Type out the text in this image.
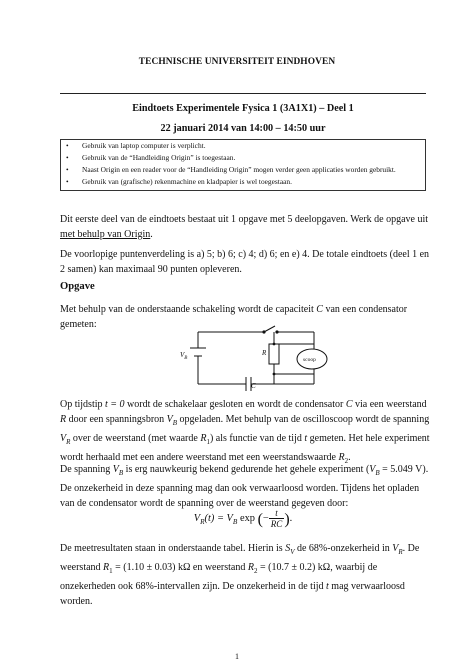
TECHNISCHE UNIVERSITEIT EINDHOVEN
Eindtoets Experimentele Fysica 1 (3A1X1) – Deel 1
22 januari 2014 van 14:00 – 14:50 uur
• Gebruik van laptop computer is verplicht.
• Gebruik van de “Handleiding Origin” is toegestaan.
• Naast Origin en een reader voor de “Handleiding Origin” mogen verder geen applicaties worden gebruikt.
• Gebruik van (grafische) rekenmachine en kladpapier is wel toegestaan.
Dit eerste deel van de eindtoets bestaat uit 1 opgave met 5 deelopgaven. Werk de opgave uit met behulp van Origin.
De voorlopige puntenverdeling is a) 5; b) 6; c) 4; d) 6; en e) 4. De totale eindtoets (deel 1 en 2 samen) kan maximaal 90 punten opleveren.
Opgave
Met behulp van de onderstaande schakeling wordt de capaciteit C van een condensator gemeten:
$V_B$
R
scoop
C
Op tijdstip t = 0 wordt de schakelaar gesloten en wordt de condensator C via een weerstand R door een spanningsbron $V_B$ opgeladen. Met behulp van de oscilloscoop wordt de spanning $V_R$ over de weerstand (met waarde $R_1$) als functie van de tijd t gemeten. Het hele experiment wordt herhaald met een andere weerstand met een weerstandswaarde $R_2$.
De spanning $V_B$ is erg nauwkeurig bekend gedurende het gehele experiment ($V_B = 5.049$ V). De onzekerheid in deze spanning mag dan ook verwaarloosd worden. Tijdens het opladen van de condensator wordt de spanning over de weerstand gegeven door:
$V_R(t) = V_B$ exp (− $\frac{t}{RC}$ ).
De meetresultaten staan in onderstaande tabel. Hierin is $S_V$ de 68%-onzekerheid in $V_R$. De weerstand $R_1 = (1.10 \pm 0.03)$ kΩ en weerstand $R_2 = (10.7 \pm 0.2)$ kΩ, waarbij de onzekerheden ook 68%-intervallen zijn. De onzekerheid in de tijd t mag verwaarloosd worden.
1
